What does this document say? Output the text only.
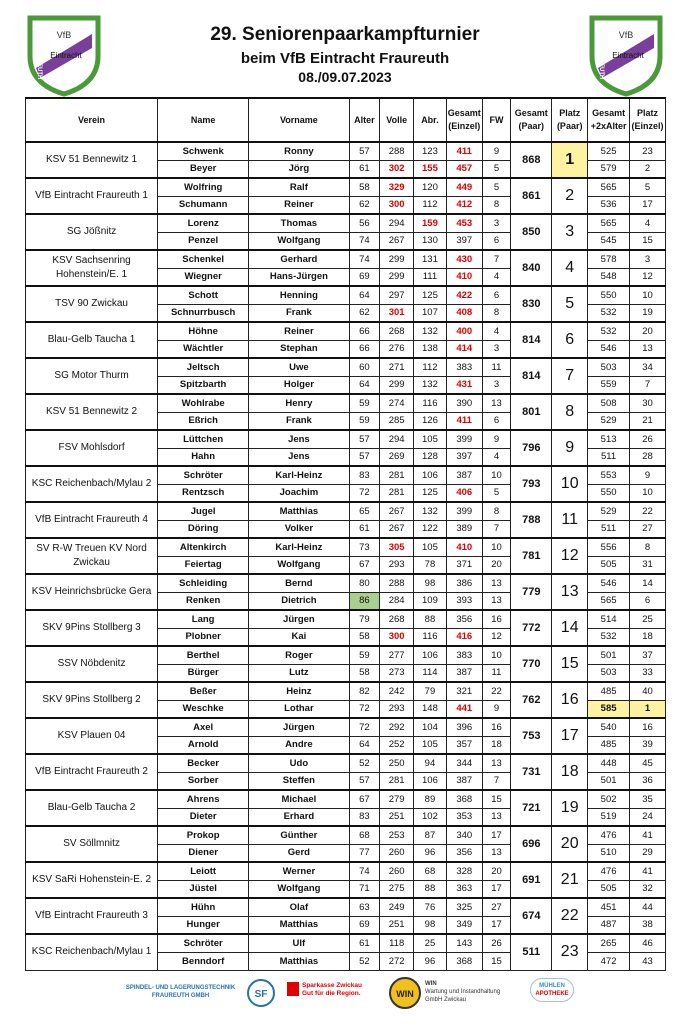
VfB
Eintracht
FRAUREUTH
VfB
Eintracht
FRAUREUTH
29. Seniorenpaarkampfturnier
beim VfB Eintracht Fraureuth
08./09.07.2023
Verein	Name	Vorname	Alter	Volle	Abr.	Gesamt (Einzel)	FW	Gesamt (Paar)	Platz (Paar)	Gesamt +2xAlter	Platz (Einzel)
KSV 51 Bennewitz 1	Schwenk	Ronny	57	288	123	411	9	868	1	525	23
	Beyer	Jörg	61	302	155	457	5			579	2
VfB Eintracht Fraureuth 1	Wolfring	Ralf	58	329	120	449	5	861	2	565	5
	Schumann	Reiner	62	300	112	412	8			536	17
SG Jößnitz	Lorenz	Thomas	56	294	159	453	3	850	3	565	4
	Penzel	Wolfgang	74	267	130	397	6			545	15
KSV Sachsenring Hohenstein/E. 1	Schenkel	Gerhard	74	299	131	430	7	840	4	578	3
	Wiegner	Hans-Jürgen	69	299	111	410	4			548	12
TSV 90 Zwickau	Schott	Henning	64	297	125	422	6	830	5	550	10
	Schnurrbusch	Frank	62	301	107	408	8			532	19
Blau-Gelb Taucha 1	Höhne	Reiner	66	268	132	400	4	814	6	532	20
	Wächtler	Stephan	66	276	138	414	3			546	13
SG Motor Thurm	Jeltsch	Uwe	60	271	112	383	11	814	7	503	34
	Spitzbarth	Holger	64	299	132	431	3			559	7
KSV 51 Bennewitz 2	Wohlrabe	Henry	59	274	116	390	13	801	8	508	30
	Eßrich	Frank	59	285	126	411	6			529	21
FSV Mohlsdorf	Lüttchen	Jens	57	294	105	399	9	796	9	513	26
	Hahn	Jens	57	269	128	397	4			511	28
KSC Reichenbach/Mylau 2	Schröter	Karl-Heinz	83	281	106	387	10	793	10	553	9
	Rentzsch	Joachim	72	281	125	406	5			550	10
VfB Eintracht Fraureuth 4	Jugel	Matthias	65	267	132	399	8	788	11	529	22
	Döring	Volker	61	267	122	389	7			511	27
SV R-W Treuen KV Nord Zwickau	Altenkirch	Karl-Heinz	73	305	105	410	10	781	12	556	8
	Feiertag	Wolfgang	67	293	78	371	20			505	31
KSV Heinrichsbrücke Gera	Schleiding	Bernd	80	288	98	386	13	779	13	546	14
	Renken	Dietrich	86	284	109	393	13			565	6
SKV 9Pins Stollberg 3	Lang	Jürgen	79	268	88	356	16	772	14	514	25
	Plobner	Kai	58	300	116	416	12			532	18
SSV Nöbdenitz	Berthel	Roger	59	277	106	383	10	770	15	501	37
	Bürger	Lutz	58	273	114	387	11			503	33
SKV 9Pins Stollberg 2	Beßer	Heinz	82	242	79	321	22	762	16	485	40
	Weschke	Lothar	72	293	148	441	9			585	1
KSV Plauen 04	Axel	Jürgen	72	292	104	396	16	753	17	540	16
	Arnold	Andre	64	252	105	357	18			485	39
VfB Eintracht Fraureuth 2	Becker	Udo	52	250	94	344	13	731	18	448	45
	Sorber	Steffen	57	281	106	387	7			501	36
Blau-Gelb Taucha 2	Ahrens	Michael	67	279	89	368	15	721	19	502	35
	Dieter	Erhard	83	251	102	353	13			519	24
SV Söllmnitz	Prokop	Günther	68	253	87	340	17	696	20	476	41
	Diener	Gerd	77	260	96	356	13			510	29
KSV SaRi Hohenstein-E. 2	Leiott	Werner	74	260	68	328	20	691	21	476	41
	Jüstel	Wolfgang	71	275	88	363	17			505	32
VfB Eintracht Fraureuth 3	Hühn	Olaf	63	249	76	325	27	674	22	451	44
	Hunger	Matthias	69	251	98	349	17			487	38
KSC Reichenbach/Mylau 1	Schröter	Ulf	61	118	25	143	26	511	23	265	46
	Benndorf	Matthias	52	272	96	368	15			472	43
SPINDEL- UND LAGERUNGSTECHNIK
FRAUREUTH GMBH	SF
Sparkasse Zwickau
Gut für die Region.	WIN
WIN
Wartung und Instandhaltung
GmbH Zwickau
MÜHLEN
APOTHEKE
